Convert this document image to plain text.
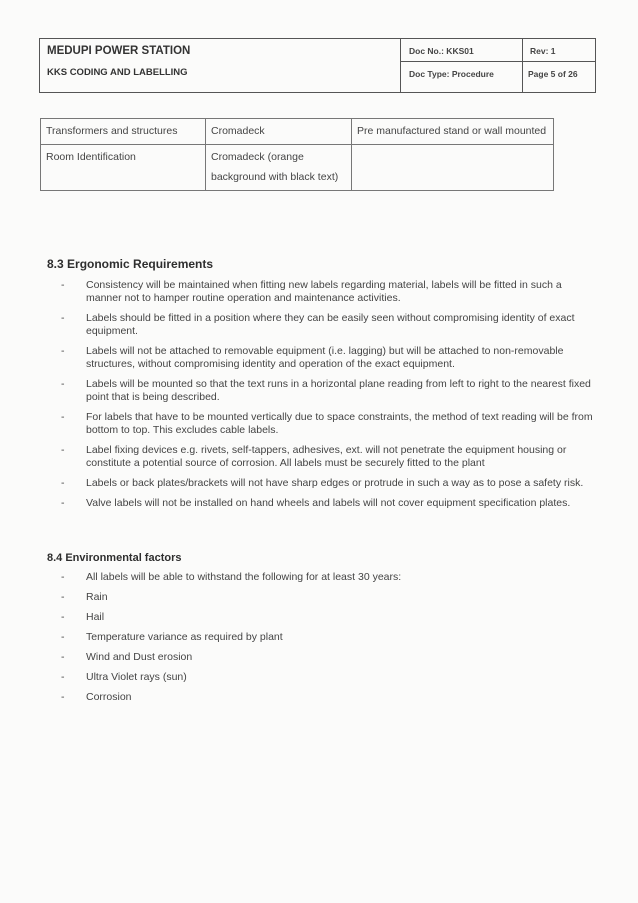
MEDUPI POWER STATION
KKS CODING AND LABELLING
Doc No.: KKS01
Doc Type: Procedure
Rev: 1
Page 5 of 26
Transformers and structures	Cromadeck	Pre manufactured stand or wall mounted
Room Identification	Cromadeck (orange background with black text)	
8.3 Ergonomic Requirements
- Consistency will be maintained when fitting new labels regarding material, labels will be fitted in such a manner not to hamper routine operation and maintenance activities.
- Labels should be fitted in a position where they can be easily seen without compromising identity of exact equipment.
- Labels will not be attached to removable equipment (i.e. lagging) but will be attached to non-removable structures, without compromising identity and operation of the exact equipment.
- Labels will be mounted so that the text runs in a horizontal plane reading from left to right to the nearest fixed point that is being described.
- For labels that have to be mounted vertically due to space constraints, the method of text reading will be from bottom to top. This excludes cable labels.
- Label fixing devices e.g. rivets, self-tappers, adhesives, ext. will not penetrate the equipment housing or constitute a potential source of corrosion. All labels must be securely fitted to the plant
- Labels or back plates/brackets will not have sharp edges or protrude in such a way as to pose a safety risk.
- Valve labels will not be installed on hand wheels and labels will not cover equipment specification plates.
8.4 Environmental factors
- All labels will be able to withstand the following for at least 30 years:
- Rain
- Hail
- Temperature variance as required by plant
- Wind and Dust erosion
- Ultra Violet rays (sun)
- Corrosion
